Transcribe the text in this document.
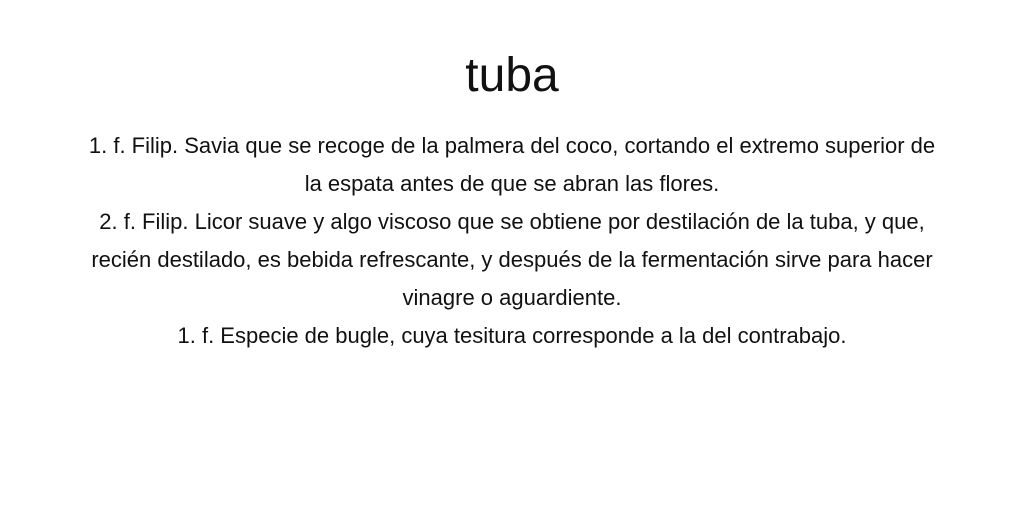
tuba

1. f. Filip. Savia que se recoge de la palmera del coco, cortando el extremo superior de la espata antes de que se abran las flores.

2. f. Filip. Licor suave y algo viscoso que se obtiene por destilación de la tuba, y que, recién destilado, es bebida refrescante, y después de la fermentación sirve para hacer vinagre o aguardiente.

1. f. Especie de bugle, cuya tesitura corresponde a la del contrabajo.
